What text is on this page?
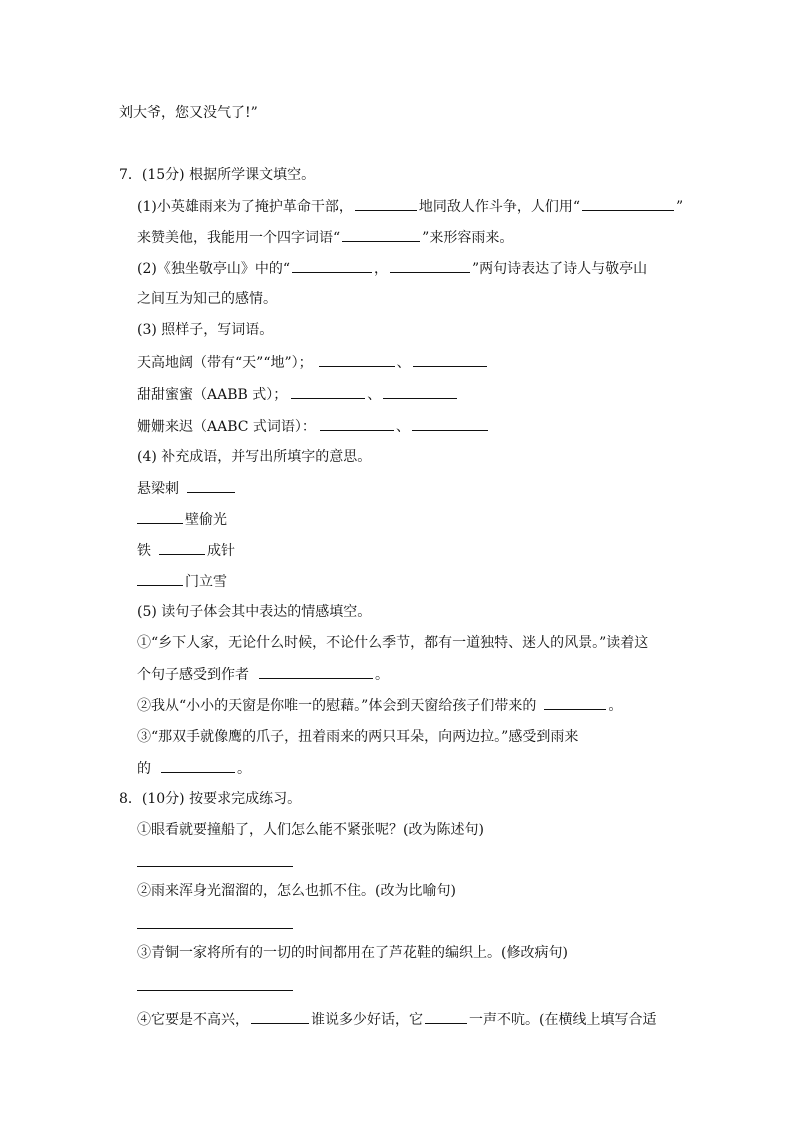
刘大爷，您又没气了!”
7．(15分) 根据所学课文填空。
(1)小英雄雨来为了掩护革命干部，	地同敌人作斗争，人们用“	”
来赞美他，我能用一个四字词语“	”来形容雨来。
(2)《独坐敬亭山》中的“	，	”两句诗表达了诗人与敬亭山
之间互为知己的感情。
(3) 照样子，写词语。
天高地阔（带有“天”“地”）；	、
甜甜蜜蜜（AABB 式）；	、
姗姗来迟（AABC 式词语）：	、
(4) 补充成语，并写出所填字的意思。
悬梁刺
壁偷光
铁	成针
门立雪
(5) 读句子体会其中表达的情感填空。
①“乡下人家，无论什么时候，不论什么季节，都有一道独特、迷人的风景。”读着这
个句子感受到作者	。
②我从“小小的天窗是你唯一的慰藉。”体会到天窗给孩子们带来的	。
③“那双手就像鹰的爪子，扭着雨来的两只耳朵，向两边拉。”感受到雨来
的	。
8．(10分) 按要求完成练习。
①眼看就要撞船了，人们怎么能不紧张呢？(改为陈述句)
②雨来浑身光溜溜的，怎么也抓不住。(改为比喻句)
③青铜一家将所有的一切的时间都用在了芦花鞋的编织上。(修改病句)
④它要是不高兴，	谁说多少好话，它	一声不吭。(在横线上填写合适
